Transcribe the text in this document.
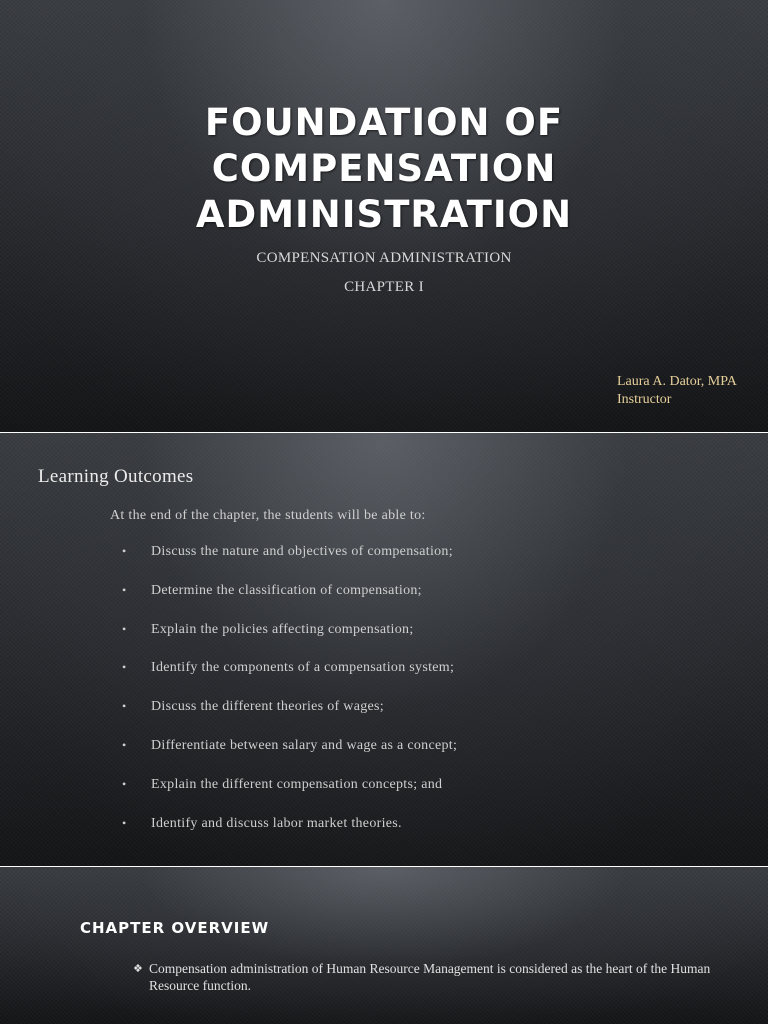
FOUNDATION OF
COMPENSATION
ADMINISTRATION
COMPENSATION ADMINISTRATION
CHAPTER I
Laura A. Dator, MPA
Instructor
Learning Outcomes
At the end of the chapter, the students will be able to:
• Discuss the nature and objectives of compensation;
• Determine the classification of compensation;
• Explain the policies affecting compensation;
• Identify the components of a compensation system;
• Discuss the different theories of wages;
• Differentiate between salary and wage as a concept;
• Explain the different compensation concepts; and
• Identify and discuss labor market theories.
CHAPTER OVERVIEW
❖ Compensation administration of Human Resource Management is considered as the heart of the Human Resource function.
